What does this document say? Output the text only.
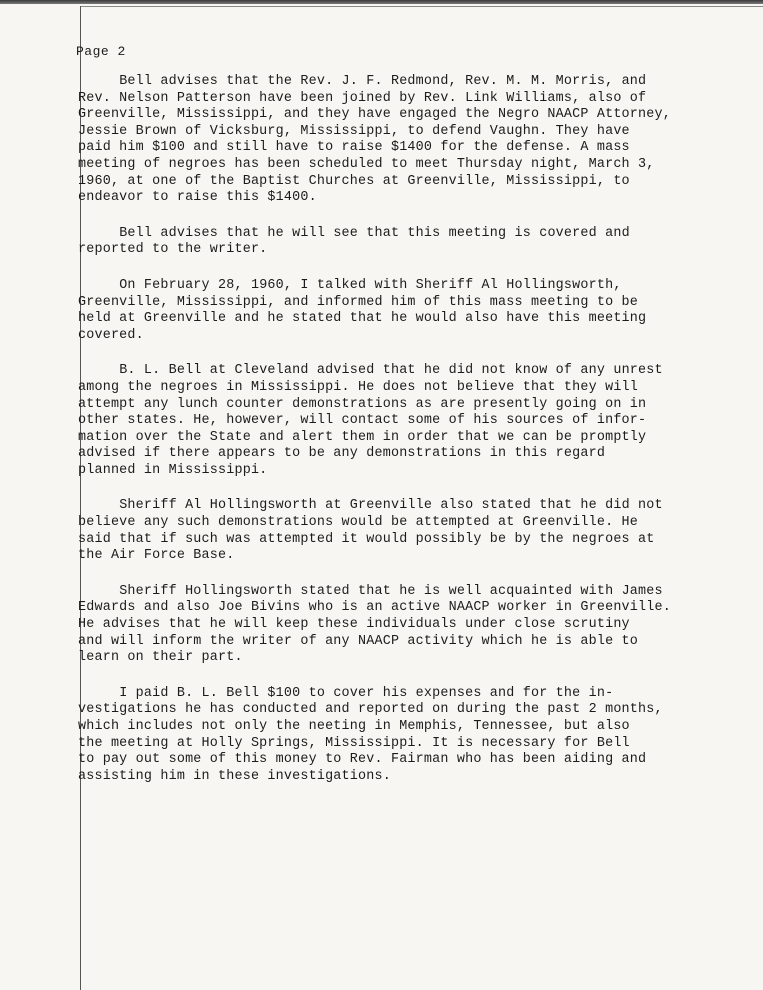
Page 2

Bell advises that the Rev. J. F. Redmond, Rev. M. M. Morris, and
Rev. Nelson Patterson have been joined by Rev. Link Williams, also of
Greenville, Mississippi, and they have engaged the Negro NAACP Attorney,
Jessie Brown of Vicksburg, Mississippi, to defend Vaughn. They have
paid him $100 and still have to raise $1400 for the defense. A mass
meeting of negroes has been scheduled to meet Thursday night, March 3,
1960, at one of the Baptist Churches at Greenville, Mississippi, to
endeavor to raise this $1400.

Bell advises that he will see that this meeting is covered and
reported to the writer.

On February 28, 1960, I talked with Sheriff Al Hollingsworth,
Greenville, Mississippi, and informed him of this mass meeting to be
held at Greenville and he stated that he would also have this meeting
covered.

B. L. Bell at Cleveland advised that he did not know of any unrest
among the negroes in Mississippi. He does not believe that they will
attempt any lunch counter demonstrations as are presently going on in
other states. He, however, will contact some of his sources of infor-
mation over the State and alert them in order that we can be promptly
advised if there appears to be any demonstrations in this regard
planned in Mississippi.

Sheriff Al Hollingsworth at Greenville also stated that he did not
believe any such demonstrations would be attempted at Greenville. He
said that if such was attempted it would possibly be by the negroes at
the Air Force Base.

Sheriff Hollingsworth stated that he is well acquainted with James
Edwards and also Joe Bivins who is an active NAACP worker in Greenville.
He advises that he will keep these individuals under close scrutiny
and will inform the writer of any NAACP activity which he is able to
learn on their part.

I paid B. L. Bell $100 to cover his expenses and for the in-
vestigations he has conducted and reported on during the past 2 months,
which includes not only the neeting in Memphis, Tennessee, but also
the meeting at Holly Springs, Mississippi. It is necessary for Bell
to pay out some of this money to Rev. Fairman who has been aiding and
assisting him in these investigations.
